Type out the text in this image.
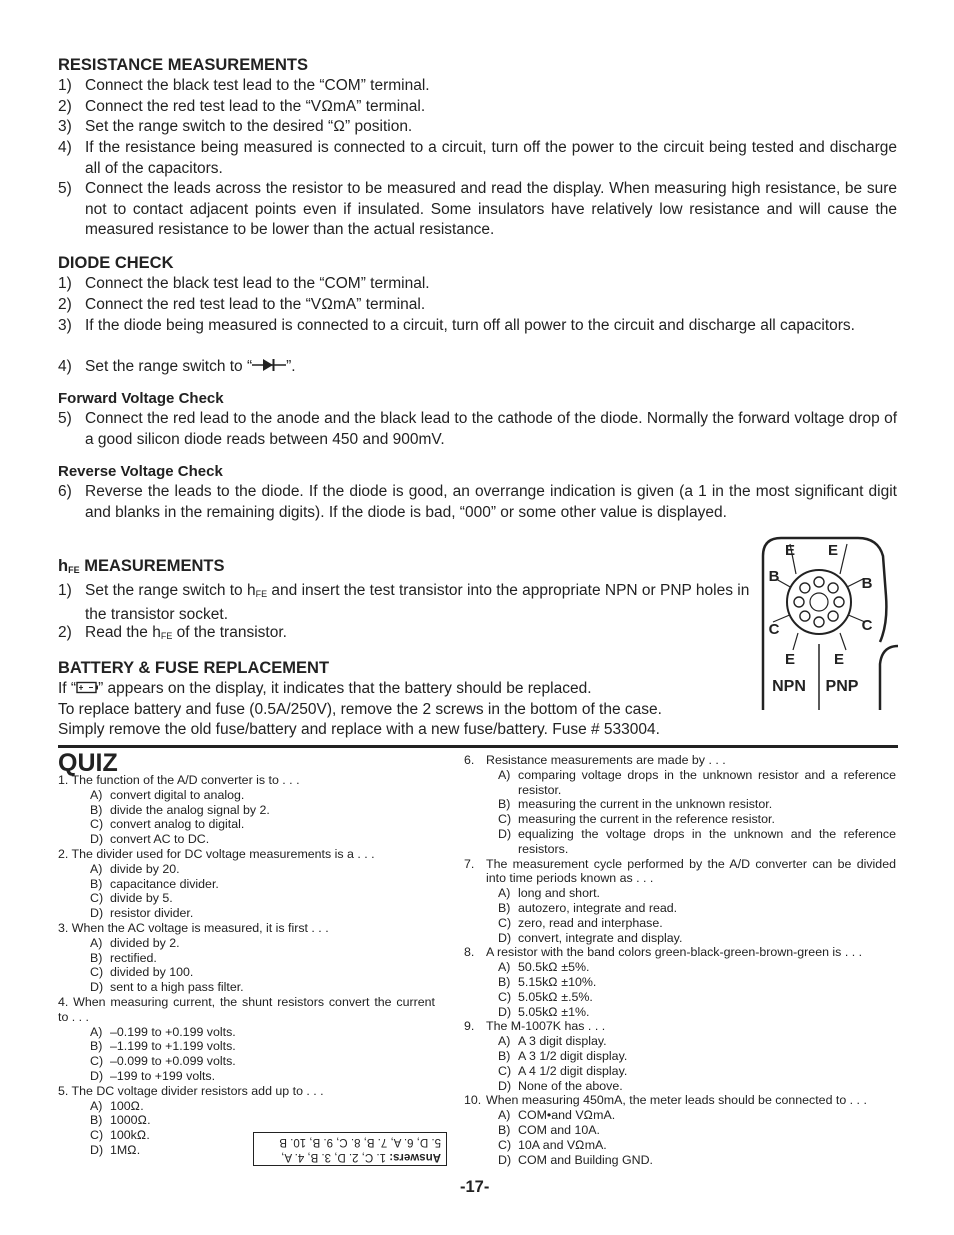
RESISTANCE MEASUREMENTS
1) Connect the black test lead to the “COM” terminal.
2) Connect the red test lead to the “VΩmA” terminal.
3) Set the range switch to the desired “Ω” position.
4) If the resistance being measured is connected to a circuit, turn off the power to the circuit being tested and discharge all of the capacitors.
5) Connect the leads across the resistor to be measured and read the display. When measuring high resistance, be sure not to contact adjacent points even if insulated. Some insulators have relatively low resistance and will cause the measured resistance to be lower than the actual resistance.
DIODE CHECK
1) Connect the black test lead to the “COM” terminal.
2) Connect the red test lead to the “VΩmA” terminal.
3) If the diode being measured is connected to a circuit, turn off all power to the circuit and discharge all capacitors.
4) Set the range switch to “ ”.
Forward Voltage Check
5) Connect the red lead to the anode and the black lead to the cathode of the diode. Normally the forward voltage drop of a good silicon diode reads between 450 and 900mV.
Reverse Voltage Check
6) Reverse the leads to the diode. If the diode is good, an overrange indication is given (a 1 in the most significant digit and blanks in the remaining digits). If the diode is bad, “000” or some other value is displayed.
$h_{FE}$ MEASUREMENTS
1) Set the range switch to $h_{FE}$ and insert the test transistor into the appropriate NPN or PNP holes in the transistor socket.
2) Read the $h_{FE}$ of the transistor.
E E
B	B
C	C
E	E
NPN PNP
BATTERY & FUSE REPLACEMENT
If “ ” appears on the display, it indicates that the battery should be replaced.
To replace battery and fuse (0.5A/250V), remove the 2 screws in the bottom of the case.
Simply remove the old fuse/battery and replace with a new fuse/battery. Fuse # 533004.
QUIZ
1. The function of the A/D converter is to . . .
A) convert digital to analog.
B) divide the analog signal by 2.
C) convert analog to digital.
D) convert AC to DC.
2. The divider used for DC voltage measurements is a . . .
A) divide by 20.
B) capacitance divider.
C) divide by 5.
D) resistor divider.
3. When the AC voltage is measured, it is first . . .
A) divided by 2.
B) rectified.
C) divided by 100.
D) sent to a high pass filter.
4. When measuring current, the shunt resistors convert the current to . . .
A) –0.199 to +0.199 volts.
B) –1.199 to +1.199 volts.
C) –0.099 to +0.099 volts.
D) –199 to +199 volts.
5. The DC voltage divider resistors add up to . . .
A) 100Ω.
B) 1000Ω.
C) 100kΩ.
D) 1MΩ.
6. Resistance measurements are made by . . .
A) comparing voltage drops in the unknown resistor and a reference resistor.
B) measuring the current in the unknown resistor.
C) measuring the current in the reference resistor.
D) equalizing the voltage drops in the unknown and the reference resistors.
7. The measurement cycle performed by the A/D converter can be divided into time periods known as . . .
A) long and short.
B) autozero, integrate and read.
C) zero, read and interphase.
D) convert, integrate and display.
8. A resistor with the band colors green-black-green-brown-green is . . .
A) 50.5kΩ ±5%.
B) 5.15kΩ ±10%.
C) 5.05kΩ ±.5%.
D) 5.05kΩ ±1%.
9. The M-1007K has . . .
A) A 3 digit display.
B) A 3 1/2 digit display.
C) A 4 1/2 digit display.
D) None of the above.
10. When measuring 450mA, the meter leads should be connected to . . .
A) COM•and VΩmA.
B) COM and 10A.
C) 10A and VΩmA.
D) COM and Building GND.
Answers: 1. C, 2. D, 3. B, 4. A,
5. D, 6. A, 7. B, 8. C, 9. B, 10. B
-17-
